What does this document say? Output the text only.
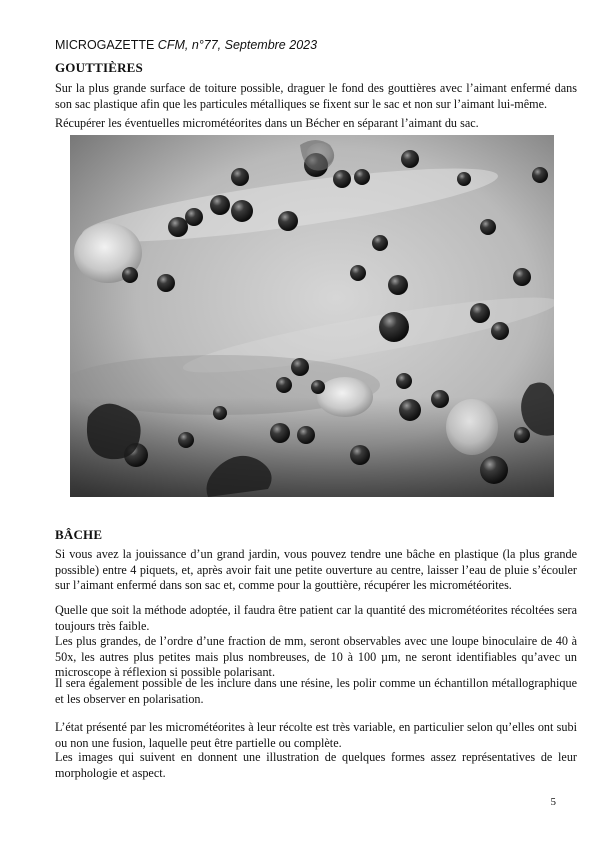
MICROGAZETTE CFM, n°77, Septembre 2023
GOUTTIÈRES
Sur la plus grande surface de toiture possible, draguer le fond des gouttières avec l’aimant enfermé dans son sac plastique afin que les particules métalliques se fixent sur le sac et non sur l’aimant lui-même.
Récupérer les éventuelles micrométéorites dans un Bécher en séparant l’aimant du sac.
BÂCHE
Si vous avez la jouissance d’un grand jardin, vous pouvez tendre une bâche en plastique (la plus grande possible) entre 4 piquets, et, après avoir fait une petite ouverture au centre, laisser l’eau de pluie s’écouler sur l’aimant enfermé dans son sac et, comme pour la gouttière, récupérer les micrométéorites.
Quelle que soit la méthode adoptée, il faudra être patient car la quantité des micrométéorites récoltées sera toujours très faible.
Les plus grandes, de l’ordre d’une fraction de mm, seront observables avec une loupe binoculaire de 40 à 50x, les autres plus petites mais plus nombreuses, de 10 à 100 µm, ne seront identifiables qu’avec un microscope à réflexion si possible polarisant.
Il sera également possible de les inclure dans une résine, les polir comme un échantillon métallographique et les observer en polarisation.
L’état présenté par les micrométéorites à leur récolte est très variable, en particulier selon qu’elles ont subi ou non une fusion, laquelle peut être partielle ou complète.
Les images qui suivent en donnent une illustration de quelques formes assez représentatives de leur morphologie et aspect.
5
